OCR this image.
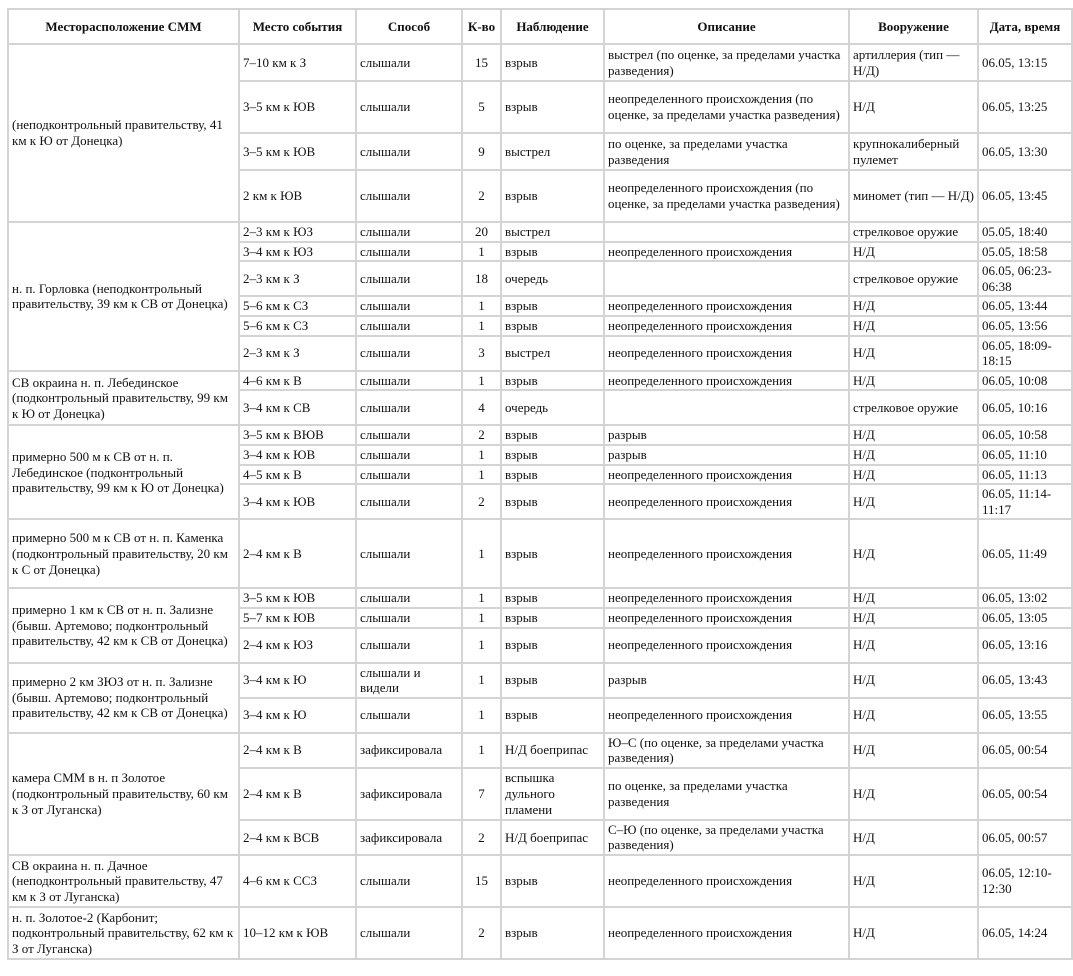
Месторасположение СММ	Место события	Способ	К-во	Наблюдение	Описание	Вооружение	Дата, время
(неподконтрольный правительству, 41 км к Ю от Донецка)	7–10 км к З	слышали	15	взрыв	выстрел (по оценке, за пределами участка разведения)	артиллерия (тип — Н/Д)	06.05, 13:15
	3–5 км к ЮВ	слышали	5	взрыв	неопределенного происхождения (по оценке, за пределами участка разведения)	Н/Д	06.05, 13:25
	3–5 км к ЮВ	слышали	9	выстрел	по оценке, за пределами участка разведения	крупнокалиберный пулемет	06.05, 13:30
	2 км к ЮВ	слышали	2	взрыв	неопределенного происхождения (по оценке, за пределами участка разведения)	миномет (тип — Н/Д)	06.05, 13:45
н. п. Горловка (неподконтрольный правительству, 39 км к СВ от Донецка)	2–3 км к ЮЗ	слышали	20	выстрел		стрелковое оружие	05.05, 18:40
	3–4 км к ЮЗ	слышали	1	взрыв	неопределенного происхождения	Н/Д	05.05, 18:58
	2–3 км к З	слышали	18	очередь		стрелковое оружие	06.05, 06:23-06:38
	5–6 км к СЗ	слышали	1	взрыв	неопределенного происхождения	Н/Д	06.05, 13:44
	5–6 км к СЗ	слышали	1	взрыв	неопределенного происхождения	Н/Д	06.05, 13:56
	2–3 км к З	слышали	3	выстрел	неопределенного происхождения	Н/Д	06.05, 18:09-18:15
СВ окраина н. п. Лебединское (подконтрольный правительству, 99 км к Ю от Донецка)	4–6 км к В	слышали	1	взрыв	неопределенного происхождения	Н/Д	06.05, 10:08
	3–4 км к СВ	слышали	4	очередь		стрелковое оружие	06.05, 10:16
примерно 500 м к СВ от н. п. Лебединское (подконтрольный правительству, 99 км к Ю от Донецка)	3–5 км к ВЮВ	слышали	2	взрыв	разрыв	Н/Д	06.05, 10:58
	3–4 км к ЮВ	слышали	1	взрыв	разрыв	Н/Д	06.05, 11:10
	4–5 км к В	слышали	1	взрыв	неопределенного происхождения	Н/Д	06.05, 11:13
	3–4 км к ЮВ	слышали	2	взрыв	неопределенного происхождения	Н/Д	06.05, 11:14-11:17
примерно 500 м к СВ от н. п. Каменка (подконтрольный правительству, 20 км к С от Донецка)	2–4 км к В	слышали	1	взрыв	неопределенного происхождения	Н/Д	06.05, 11:49
примерно 1 км к СВ от н. п. Зализне (бывш. Артемово; подконтрольный правительству, 42 км к СВ от Донецка)	3–5 км к ЮВ	слышали	1	взрыв	неопределенного происхождения	Н/Д	06.05, 13:02
	5–7 км к ЮВ	слышали	1	взрыв	неопределенного происхождения	Н/Д	06.05, 13:05
	2–4 км к ЮЗ	слышали	1	взрыв	неопределенного происхождения	Н/Д	06.05, 13:16
примерно 2 км ЗЮЗ от н. п. Зализне (бывш. Артемово; подконтрольный правительству, 42 км к СВ от Донецка)	3–4 км к Ю	слышали и видели	1	взрыв	разрыв	Н/Д	06.05, 13:43
	3–4 км к Ю	слышали	1	взрыв	неопределенного происхождения	Н/Д	06.05, 13:55
камера СММ в н. п Золотое (подконтрольный правительству, 60 км к З от Луганска)	2–4 км к В	зафиксировала	1	Н/Д боеприпас	Ю–С (по оценке, за пределами участка разведения)	Н/Д	06.05, 00:54
	2–4 км к В	зафиксировала	7	вспышка дульного пламени	по оценке, за пределами участка разведения	Н/Д	06.05, 00:54
	2–4 км к ВСВ	зафиксировала	2	Н/Д боеприпас	С–Ю (по оценке, за пределами участка разведения)	Н/Д	06.05, 00:57
СВ окраина н. п. Дачное (неподконтрольный правительству, 47 км к З от Луганска)	4–6 км к ССЗ	слышали	15	взрыв	неопределенного происхождения	Н/Д	06.05, 12:10-12:30
н. п. Золотое-2 (Карбонит; подконтрольный правительству, 62 км к З от Луганска)	10–12 км к ЮВ	слышали	2	взрыв	неопределенного происхождения	Н/Д	06.05, 14:24
